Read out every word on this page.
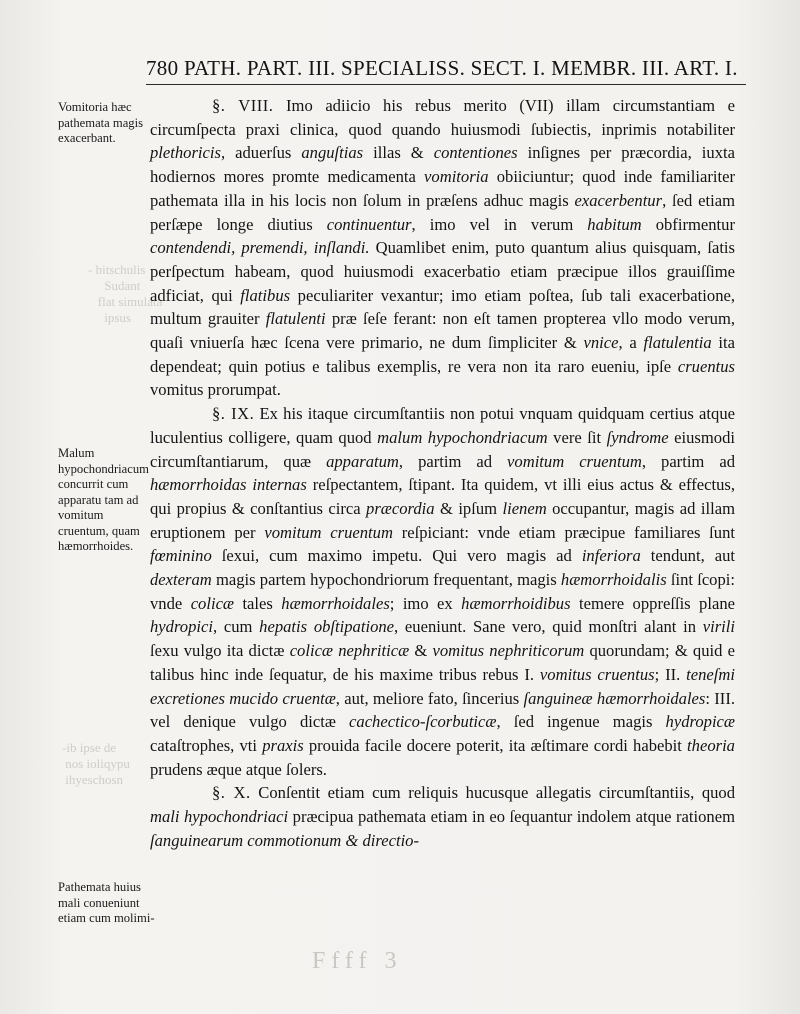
- bitschulis
Sudant
flat simulata
ipsus
-ib ipse de
nos ioliqypu
ihyeschosn
780 PATH. PART. III. SPECIALISS. SECT. I. MEMBR. III. ART. I.
Vomitoria hæc pathemata magis exacerbant.
Malum hypochondriacum concurrit cum apparatu tam ad vomitum cruentum, quam hæmorrhoides.
Pathemata huius mali conueniunt etiam cum molimi-

§. VIII. Imo adiicio his rebus merito (VII) illam circumstantiam e circumſpecta praxi clinica, quod quando huiusmodi ſubiectis, inprimis notabiliter plethoricis, aduerſus anguſtias illas & contentiones inſignes per præcordia, iuxta hodiernos mores promte medicamenta vomitoria obiiciuntur; quod inde familiariter pathemata illa in his locis non ſolum in præſens adhuc magis exacerbentur, ſed etiam perſæpe longe diutius continuentur, imo vel in verum habitum obfirmentur contendendi, premendi, inſlandi. Quamlibet enim, puto quantum alius quisquam, ſatis perſpectum habeam, quod huiusmodi exacerbatio etiam præcipue illos grauiſſime adficiat, qui flatibus peculiariter vexantur; imo etiam poſtea, ſub tali exacerbatione, multum grauiter flatulenti præ ſeſe ferant: non eſt tamen propterea vllo modo verum, quaſi vniuerſa hæc ſcena vere primario, ne dum ſimpliciter & vnice, a flatulentia ita dependeat; quin potius e talibus exemplis, re vera non ita raro eueniu, ipſe cruentus vomitus prorumpat.

§. IX. Ex his itaque circumſtantiis non potui vnquam quidquam certius atque luculentius colligere, quam quod malum hypochondriacum vere ſit ſyndrome eiusmodi circumſtantiarum, quæ apparatum, partim ad vomitum cruentum, partim ad hæmorrhoidas internas reſpectantem, ſtipant. Ita quidem, vt illi eius actus & effectus, qui propius & conſtantius circa præcordia & ipſum lienem occupantur, magis ad illam eruptionem per vomitum cruentum reſpiciant: vnde etiam præcipue familiares ſunt fœminino ſexui, cum maximo impetu. Qui vero magis ad inferiora tendunt, aut dexteram magis partem hypochondriorum frequentant, magis hæmorrhoidalis ſint ſcopi: vnde colicæ tales hæmorrhoidales; imo ex hæmorrhoidibus temere oppreſſis plane hydropici, cum hepatis obſtipatione, eueniunt. Sane vero, quid monſtri alant in virili ſexu vulgo ita dictæ colicæ nephriticæ & vomitus nephriticorum quorundam; & quid e talibus hinc inde ſequatur, de his maxime tribus rebus I. vomitus cruentus; II. teneſmi excretiones mucido cruentæ, aut, meliore fato, ſincerius ſanguineæ hæmorrhoidales: III. vel denique vulgo dictæ cachectico-ſcorbuticæ, ſed ingenue magis hydropicæ cataſtrophes, vti praxis prouida facile docere poterit, ita æſtimare cordi habebit theoria prudens æque atque ſolers.

§. X. Conſentit etiam cum reliquis hucusque allegatis circumſtantiis, quod mali hypochondriaci præcipua pathemata etiam in eo ſequantur indolem atque rationem ſanguinearum commotionum & directio-

Ffff 3
